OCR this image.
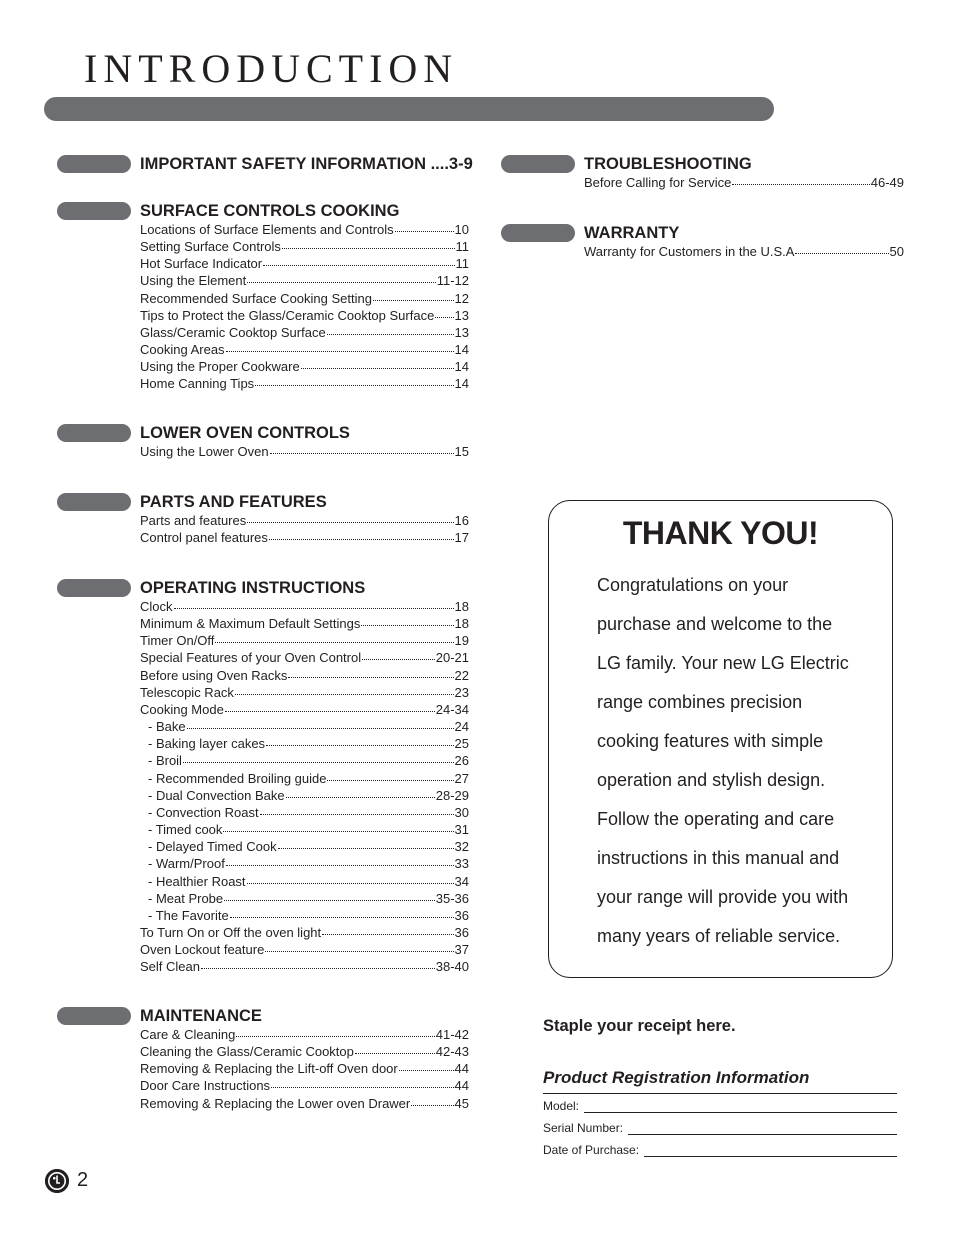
INTRODUCTION
IMPORTANT SAFETY INFORMATION ....3-9
SURFACE CONTROLS COOKING
Locations of Surface Elements and Controls	10
Setting Surface Controls	11
Hot Surface Indicator	11
Using the Element	11-12
Recommended Surface Cooking Setting	12
Tips to Protect the Glass/Ceramic Cooktop Surface 13
Glass/Ceramic Cooktop Surface	13
Cooking Areas	14
Using the Proper Cookware	14
Home Canning Tips	14
LOWER OVEN CONTROLS
Using the Lower Oven	15
PARTS AND FEATURES
Parts and features	16
Control panel features	17
OPERATING INSTRUCTIONS
Clock	18
Minimum & Maximum Default Settings	18
Timer On/Off	19
Special Features of your Oven Control	20-21
Before using Oven Racks	22
Telescopic Rack	23
Cooking Mode	24-34
- Bake	24
- Baking layer cakes	25
- Broil	26
- Recommended Broiling guide	27
- Dual Convection Bake	28-29
- Convection Roast	30
- Timed cook	31
- Delayed Timed Cook	32
- Warm/Proof	33
- Healthier Roast	34
- Meat Probe	35-36
- The Favorite	36
To Turn On or Off the oven light	36
Oven Lockout feature	37
Self Clean	38-40
MAINTENANCE
Care & Cleaning	41-42
Cleaning the Glass/Ceramic Cooktop	42-43
Removing & Replacing the Lift-off Oven door	44
Door Care Instructions	44
Removing & Replacing the Lower oven Drawer	45
TROUBLESHOOTING
Before Calling for Service	46-49
WARRANTY
Warranty for Customers in the U.S.A	50
THANK YOU!
Congratulations on your
purchase and welcome to the
LG family. Your new LG Electric
range combines precision
cooking features with simple
operation and stylish design.
Follow the operating and care
instructions in this manual and
your range will provide you with
many years of reliable service.
Staple your receipt here.
Product Registration Information
Model:
Serial Number:
Date of Purchase:
2
